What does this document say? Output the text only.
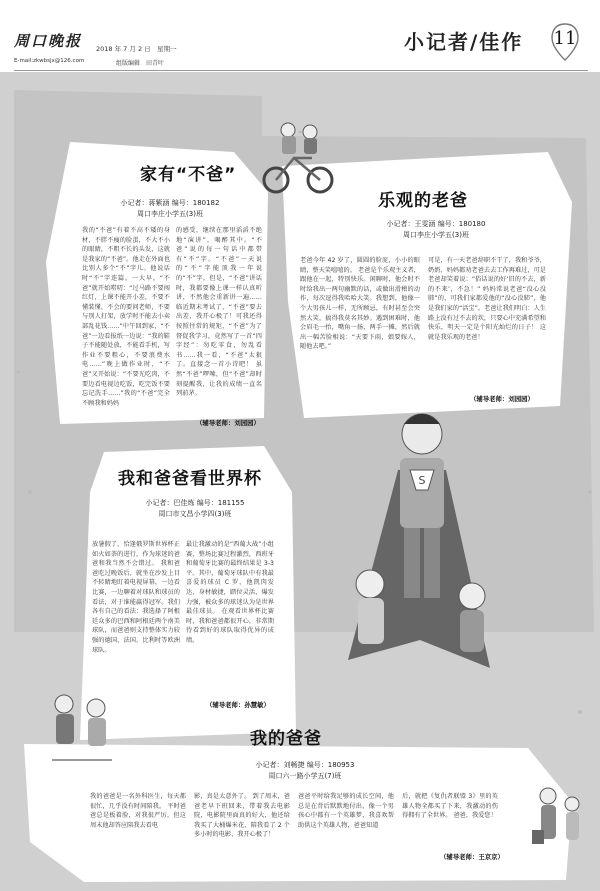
周口晚报 2018 年 7 月 2 日　星期一
E-mail:zkwbsjx@126.com	组版编辑　田青叶
小记者/佳作 11
S
家有“不爸”
小记者：蒋紫涵 编号：180182
周口李庄小学五(3)班
我的“不爸”有着不高不矮的身材，不胖不瘦的脸蛋，不大不小的眼睛，不粗不长的头发，这就是我家的“不爸”。他走在外面也比别人多个“不”字儿。他说话时“不”字连篇。一大早，“不爸”就开始唠叨：“过马路不要闯红灯，上课不能开小差，不要不懂装懂，不会的要问老师，不要与别人打架，放学时不能去小卖部乱花钱……”中午回到家，“不爸”一边看报纸一边说：“我的鞋子不能随处放，不能看手机，写作业不要粗心，不要浪费水电……”晚上做作业时，“不爸”又开始说：“不要光吃肉，不要边看电视边吃饭，吃完饭不要忘记洗手……”我的“不爸”完全不顾我和妈妈
的感受，继续在那里滔滔不绝地“演讲”，喝醉其中。“不爸”说的每一句话中都带有“不”字。“不爸”一天说的“不”字能顶我一年说的“不”字。但是，“不爸”讲话时，我都要像上课一样认真听讲，不然他会重新讲一遍…… 临近期末考试了，“不爸”要去出差，我开心极了！可我还得按照往常的规矩，“不爸”为了督促我学习，竟然写了一首“四字经”：勿吃零食，勿乱看书……我一看，“不爸”太狠了。直接念一首小诗吧！ 虽然“不爸”啰嗦，但“不爸”却时刻提醒我，让我的成绩一直名列前茅。
（辅导老师：刘园园）
乐观的老爸
小记者：王雯涵 编号：180180
周口李庄小学五(3)班
老爸今年 42 岁了，圆圆的脸庞，小小的眼睛，整天笑嘻嘻的。 老爸是个乐观主义者，跟他在一起，特别快乐。闲聊时，他会时不时给我出一两句幽默的话，或做出滑稽的动作，每次逗得我哈哈大笑。我想到，他像一个大男孩儿一样，无所顾忌，有时甚至会突然大笑，搞得我莫名其妙。遇到困难时，他会眉毛一抬，嘴角一扬，两手一摊，然后就出一幅苦脸相说：“天要下雨，娘要嫁人，随他去吧。”
可是，有一天老爸辞职不干了，我和爷爷，奶奶，妈妈都劝老爸去去工作再难过，可是老爸却笑着说：“俗话说的好‘旧的不去，新的不来’，不急！” 妈妈常说老爸“没心没肺”的，可我们家都爱他的“没心没肺”，他是我们家的“活宝”。老爸让我们明白：人生路上没有过不去的坎，只要心中充满希望和快乐，明天一定是个阳光灿烂的日子！ 这就是我乐观的老爸！
（辅导老师：刘园园）
我和爸爸看世界杯
小记者：巴佳炼 编号：181155
周口市文昌小学四(3)班
放暑假了，恰逢俄罗斯世界杯正如火如荼的进行，作为球迷的爸爸和我当然不会错过。 我和爸爸吃过晚饭后，就坐在沙发上目不转睛地盯着电视屏幕，一边看比赛，一边聊着对球队和球员的看法，对于谁能赢得冠军。我们各有自己的看法：我选择了阿根廷众多的巴西和阿根廷两个南美球队，而爸爸则支持整体实力较强的德国、法国、比利时等欧洲球队。
最让我激动的是“西葡大战”小组赛，整场比赛过程激烈，西班牙和葡萄牙比赛的最终结果是 3-3 平。其中，葡萄牙球队中有我最喜爱的球员 C 罗，他凯肉发达，身材敏捷，踏位灵活，爆发力强，被众多的球迷认为是世界最佳球员。 在观看世界杯比赛时，我和爸爸都很开心，非常期待看到好的球队取得优异的成绩。
（辅导老师：孙慧敏）
我的爸爸
小记者：刘畅捷 编号：180953
周口六一路小学五(7)班
我的爸爸是一名外科医生，每天都很忙，几乎没有时间陪我。 平时爸爸总是板着脸，对我很严厉，但这周末他却答应陪我去看电
影，真是太意外了。 到了周末，爸爸老早下班回来，带着我去电影院，电影院里面真的好大，他还给我买了大桶爆米花，陪我看了 2 个多小时的电影，我开心极了！
爸爸平时给我足够的成长空间，他总是在背后默默地付出，像一个男孩心中都有一个英雄梦，我喜欢帮助供这个英雄人物，爸爸知道
后，就把《复仇者联盟 3》里的英雄人物全都买了下来，我激动的伤得拥有了全世界。 爸爸，我爱您！
（辅导老师：王京京）
